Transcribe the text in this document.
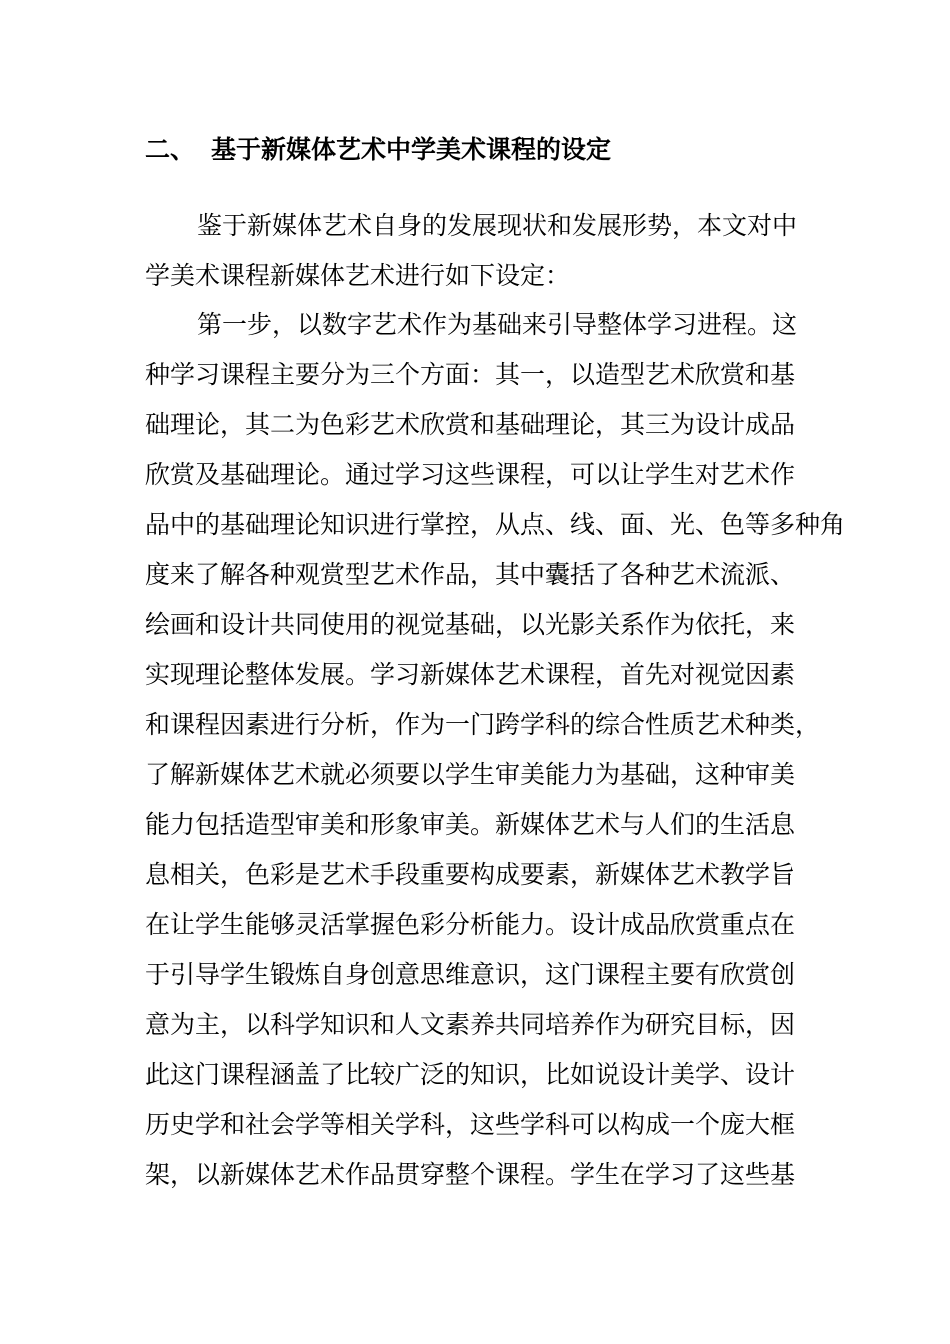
二、 基于新媒体艺术中学美术课程的设定
鉴于新媒体艺术自身的发展现状和发展形势，本文对中
学美术课程新媒体艺术进行如下设定：
第一步，以数字艺术作为基础来引导整体学习进程。这
种学习课程主要分为三个方面：其一，以造型艺术欣赏和基
础理论，其二为色彩艺术欣赏和基础理论，其三为设计成品
欣赏及基础理论。通过学习这些课程，可以让学生对艺术作
品中的基础理论知识进行掌控，从点、线、面、光、色等多种角
度来了解各种观赏型艺术作品，其中囊括了各种艺术流派、
绘画和设计共同使用的视觉基础，以光影关系作为依托，来
实现理论整体发展。学习新媒体艺术课程，首先对视觉因素
和课程因素进行分析，作为一门跨学科的综合性质艺术种类，
了解新媒体艺术就必须要以学生审美能力为基础，这种审美
能力包括造型审美和形象审美。新媒体艺术与人们的生活息
息相关，色彩是艺术手段重要构成要素，新媒体艺术教学旨
在让学生能够灵活掌握色彩分析能力。设计成品欣赏重点在
于引导学生锻炼自身创意思维意识，这门课程主要有欣赏创
意为主，以科学知识和人文素养共同培养作为研究目标，因
此这门课程涵盖了比较广泛的知识，比如说设计美学、设计
历史学和社会学等相关学科，这些学科可以构成一个庞大框
架，以新媒体艺术作品贯穿整个课程。学生在学习了这些基
